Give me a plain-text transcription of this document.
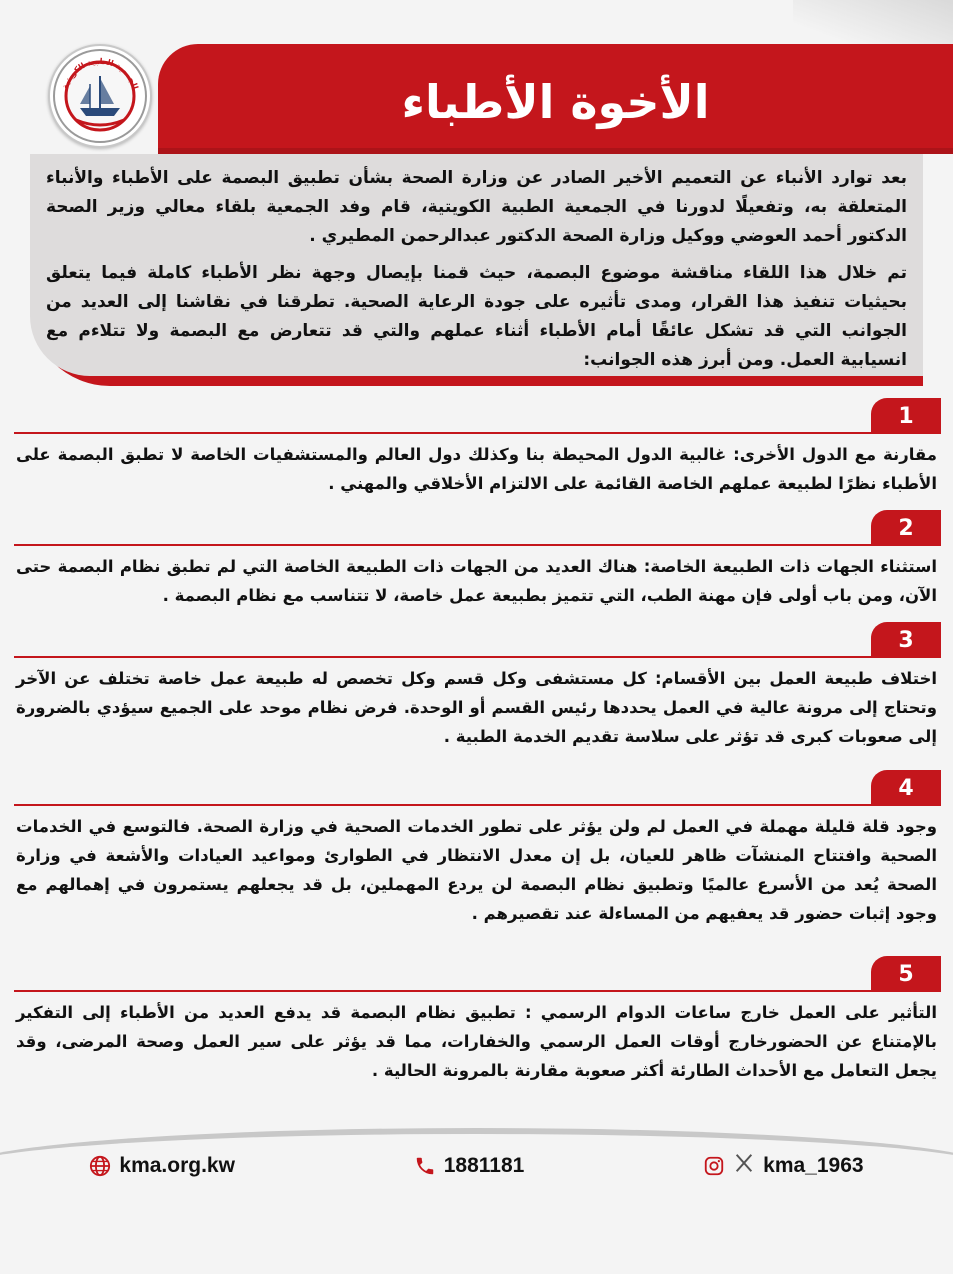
الجمعية الطبية الكويتية	الأخوة الأطباء

بعد توارد الأنباء عن التعميم الأخير الصادر عن وزارة الصحة بشأن تطبيق البصمة على الأطباء والأنباء المتعلقة به، وتفعيلًا لدورنا في الجمعية الطبية الكويتية، قام وفد الجمعية بلقاء معالي وزير الصحة الدكتور أحمد العوضي ووكيل وزارة الصحة الدكتور عبدالرحمن المطيري .

تم خلال هذا اللقاء مناقشة موضوع البصمة، حيث قمنا بإيصال وجهة نظر الأطباء كاملة فيما يتعلق بحيثيات تنفيذ هذا القرار، ومدى تأثيره على جودة الرعاية الصحية. تطرقنا في نقاشنا إلى العديد من الجوانب التي قد تشكل عائقًا أمام الأطباء أثناء عملهم والتي قد تتعارض مع البصمة ولا تتلاءم مع انسيابية العمل. ومن أبرز هذه الجوانب:

1

مقارنة مع الدول الأخرى: غالبية الدول المحيطة بنا وكذلك دول العالم والمستشفيات الخاصة لا تطبق البصمة على الأطباء نظرًا لطبيعة عملهم الخاصة القائمة على الالتزام الأخلاقي والمهني .

2

استثناء الجهات ذات الطبيعة الخاصة: هناك العديد من الجهات ذات الطبيعة الخاصة التي لم تطبق نظام البصمة حتى الآن، ومن باب أولى فإن مهنة الطب، التي تتميز بطبيعة عمل خاصة، لا تتناسب مع نظام البصمة .

3

اختلاف طبيعة العمل بين الأقسام: كل مستشفى وكل قسم وكل تخصص له طبيعة عمل خاصة تختلف عن الآخر وتحتاج إلى مرونة عالية في العمل يحددها رئيس القسم أو الوحدة. فرض نظام موحد على الجميع سيؤدي بالضرورة إلى صعوبات كبرى قد تؤثر على سلاسة تقديم الخدمة الطبية .

4

وجود قلة قليلة مهملة في العمل لم ولن يؤثر على تطور الخدمات الصحية في وزارة الصحة. فالتوسع في الخدمات الصحية وافتتاح المنشآت ظاهر للعيان، بل إن معدل الانتظار في الطوارئ ومواعيد العيادات والأشعة في وزارة الصحة يُعد من الأسرع عالميًا وتطبيق نظام البصمة لن يردع المهملين، بل قد يجعلهم يستمرون في إهمالهم مع وجود إثبات حضور قد يعفيهم من المساءلة عند تقصيرهم .

5

التأثير على العمل خارج ساعات الدوام الرسمي : تطبيق نظام البصمة قد يدفع العديد من الأطباء إلى التفكير بالإمتناع عن الحضورخارج أوقات العمل الرسمي والخفارات، مما قد يؤثر على سير العمل وصحة المرضى، وقد يجعل التعامل مع الأحداث الطارئة أكثر صعوبة مقارنة بالمرونة الحالية .

kma.org.kw	1881181	kma_1963
